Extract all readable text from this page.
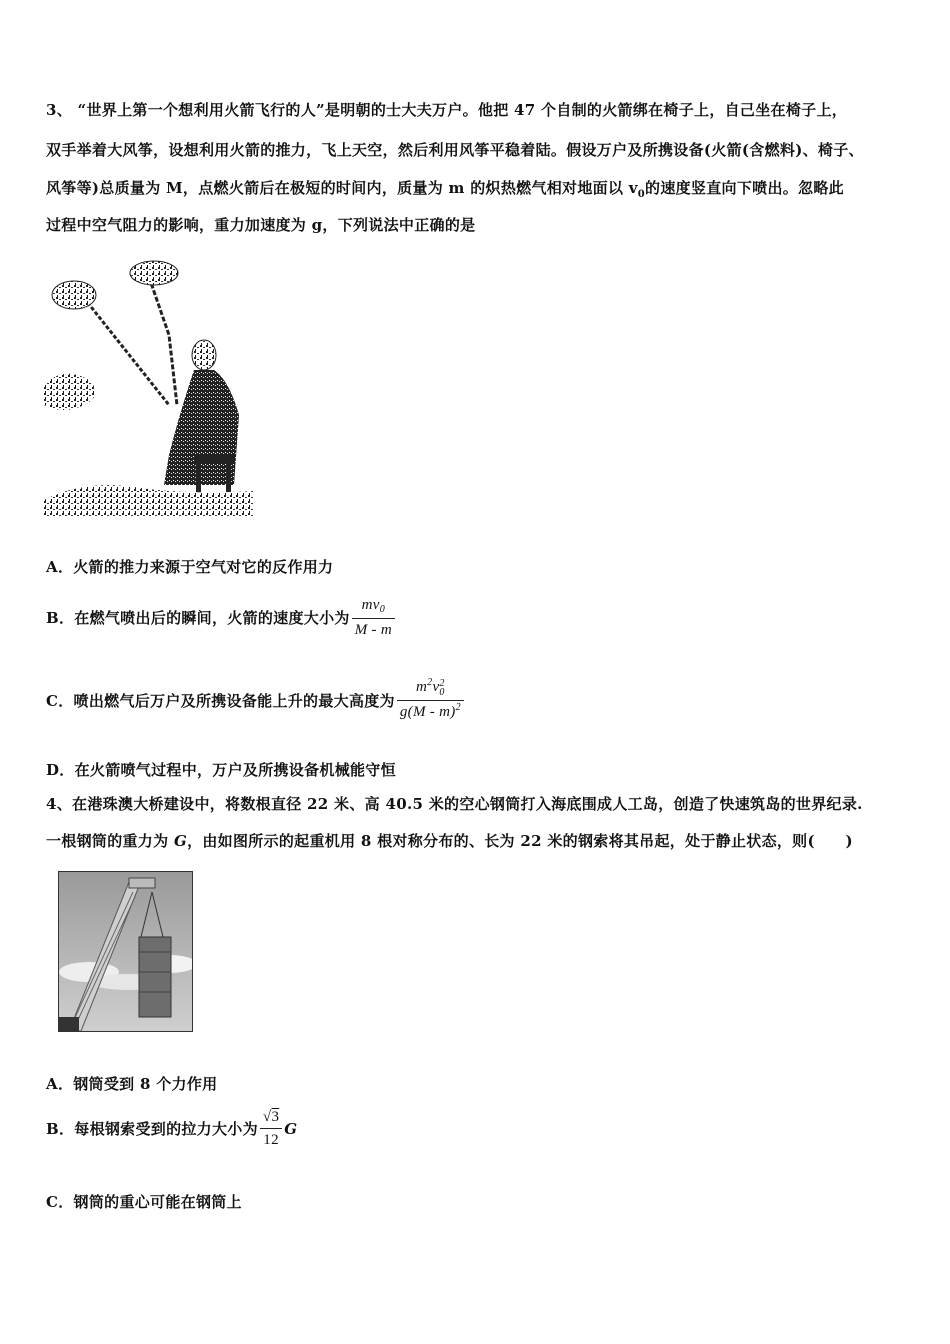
3、 “世界上第一个想利用火箭飞行的人”是明朝的士大夫万户。他把 47 个自制的火箭绑在椅子上，自己坐在椅子上，
双手举着大风筝，设想利用火箭的推力，飞上天空，然后利用风筝平稳着陆。假设万户及所携设备(火箭(含燃料)、椅子、
风筝等)总质量为 M，点燃火箭后在极短的时间内，质量为 m 的炽热燃气相对地面以 $v_0$的速度竖直向下喷出。忽略此
过程中空气阻力的影响，重力加速度为 g，下列说法中正确的是
A．火箭的推力来源于空气对它的反作用力
B．在燃气喷出后的瞬间，火箭的速度大小为 $\frac{mv_0}{M - m}$
C．喷出燃气后万户及所携设备能上升的最大高度为 $m^2v$ 2
0
g(M - m)$^2$
D．在火箭喷气过程中，万户及所携设备机械能守恒
4、在港珠澳大桥建设中，将数根直径 22 米、高 40.5 米的空心钢筒打入海底围成人工岛，创造了快速筑岛的世界纪录.
一根钢筒的重力为 G，由如图所示的起重机用 8 根对称分布的、长为 22 米的钢索将其吊起，处于静止状态，则(　　)
A．钢筒受到 8 个力作用
B．每根钢索受到的拉力大小为 $\frac{√3}{12}$ G
C．钢筒的重心可能在钢筒上
